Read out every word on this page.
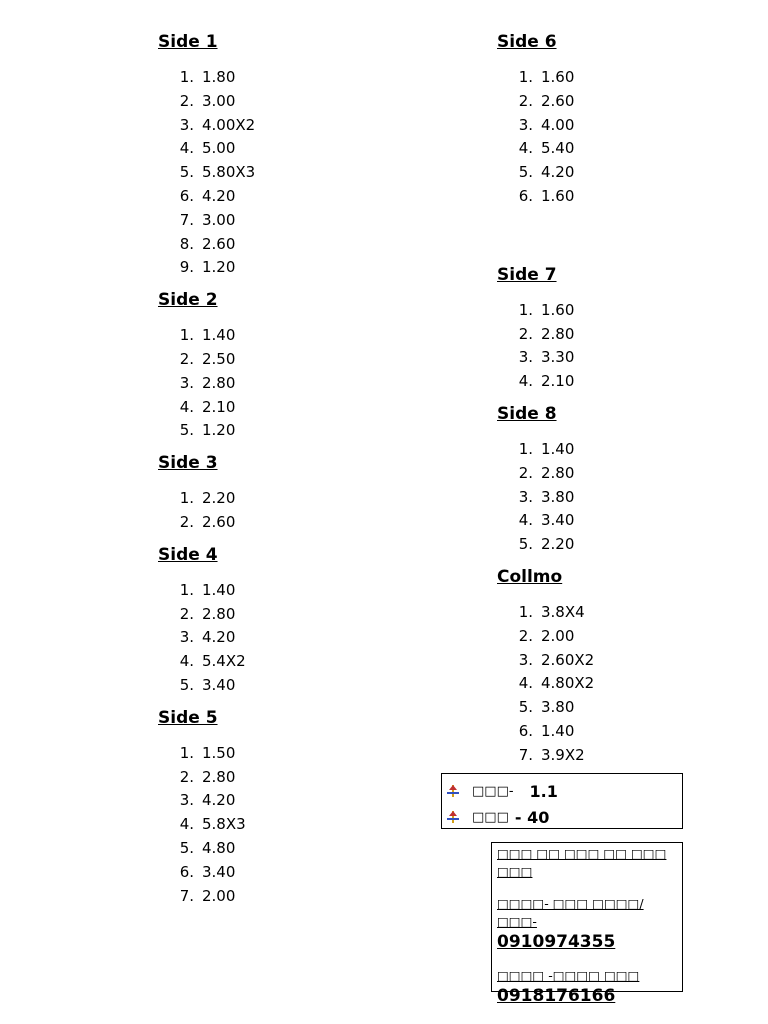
Side 1
1. 1.80
2. 3.00
3. 4.00X2
4. 5.00
5. 5.80X3
6. 4.20
7. 3.00
8. 2.60
9. 1.20
Side 2
1. 1.40
2. 2.50
3. 2.80
4. 2.10
5. 1.20
Side 3
1. 2.20
2. 2.60
Side 4
1. 1.40
2. 2.80
3. 4.20
4. 5.4X2
5. 3.40
Side 5
1. 1.50
2. 2.80
3. 4.20
4. 5.8X3
5. 4.80
6. 3.40
7. 2.00
Side 6
1. 1.60
2. 2.60
3. 4.00
4. 5.40
5. 4.20
6. 1.60
Side 7
1. 1.60
2. 2.80
3. 3.30
4. 2.10
Side 8
1. 1.40
2. 2.80
3. 3.80
4. 3.40
5. 2.20
Collmo
1. 3.8X4
2. 2.00
3. 2.60X2
4. 4.80X2
5. 3.80
6. 1.40
7. 3.9X2
□□□- 1.1
□□□ - 40
□□□ □□ □□□ □□ □□□ □□□
□□□□- □□□ □□□□/ □□□-
0910974355
□□□□ -□□□□ □□□
0918176166
